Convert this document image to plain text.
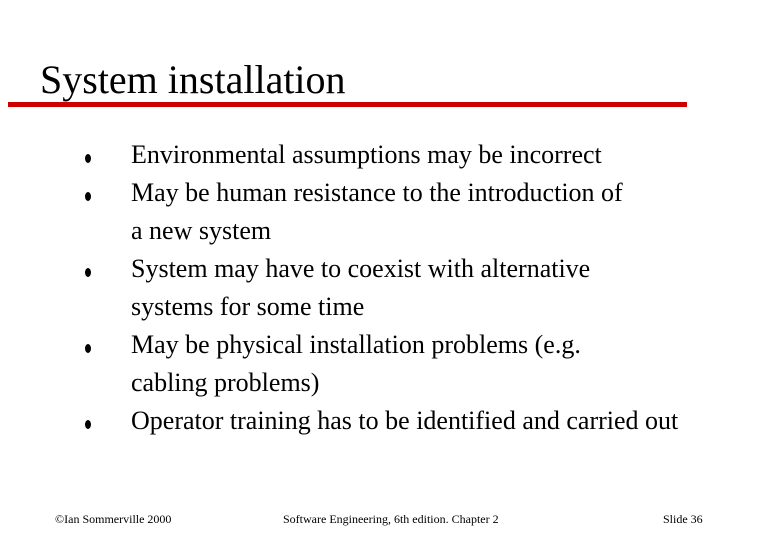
System installation
Environmental assumptions may be incorrect
May be human resistance to the introduction of
a new system
System may have to coexist with alternative
systems for some time
May be physical installation problems (e.g.
cabling problems)
Operator training has to be identified and carried out
©Ian Sommerville 2000	Software Engineering, 6th edition. Chapter 2	Slide 36
